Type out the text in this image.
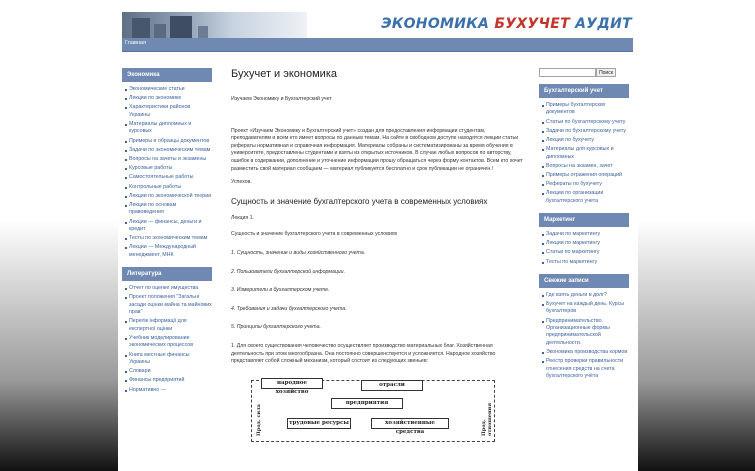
ЭКОНОМИКА БУХУЧЕТ АУДИТ
Главная
Экономика
Экономические статьи
Лекции по экономике
Характеристики районов Украины
Материалы дипломных и курсовых
Примеры и образцы документов
Задачи по экономическим темам
Вопросы на зачеты и экзамены
Курсовые работы
Самостоятельные работы
Контрольные работы
Лекции по экономической теории
Лекции по основам правоведения
Лекции — финансы, деньги и кредит
Тесты по экономическим темам
Лекции — Международный менеджмент, МНК
Литература
Отчет по оценке имущества
Проект положения "Загальні засади оцінки майна та майнових прав"
Перелік інформації для експертної оцінки
Учебник моделирование экономических процессов
Книга местные финансы Украины
Словари
Финансы предприятий
Нормативно —
Бухучет и экономика

Изучаем Экономику и Бухгалтерский учет

Проект «Изучаем Экономику и Бухгалтерский учет» создан для предоставления информации студентам, преподавателям и всем кто имеет вопросы по данным темам. На сайте в свободном доступе находятся лекции статьи рефераты нормативная и справочная информация. Материалы собраны и систематизированы за время обучения в университете, предоставлены студентами и взяты из открытых источников. В случае любых вопросов по авторству, ошибок в содержании, дополнение и уточнение информации прошу обращаться через форму контактов. Всем кто хочет разместить свой материал сообщаем — материал публикуется бесплатно и срок публикации не ограничен.!

Успехов.

Сущность и значение бухгалтерского учета в современных условиях

Лекция 1.

Сущность и значение бухгалтерского учета в современных условиях

1. Сущность, значение и виды хозяйственного учета.

2. Пользователи бухгалтерской информации.

3. Измерители в бухгалтерском учете.

4. Требования и задачи бухгалтерского учета.

5. Принципы бухгалтерского учета.

1. Для своего существования человечество осуществляет производство материальных благ. Хозяйственная деятельность при этом многообразна. Она постоянно совершенствуется и усложняется. Народное хозяйство представляет собой сложный механизм, который состоит из следующих звеньев:

народное хозяйство
отрасли
предприятия
трудовые ресурсы	хозяйственные средства
Прод. сила	Прод. отношения
Поиск
Бухгалтерский учет
Примеры бухгалтерских документов
Статьи по бухгалтерскому учету
Задачи по бухгалтерскому учету
Лекции по бухучету
Материалы для курсовых и дипломных
Вопросы на экзамен, зачет
Примеры отражения операций
Рефераты по бухучету
Лекции по организации бухгалтерского учета
Маркетинг
Задачи по маркетингу
Лекции по маркетингу
Статьи по маркетингу
Тесты по маркетингу
Свежие записи
Где взять деньги в долг?
Бухучет на каждый день. Курсы бухгалтеров
Предпринимательство. Организационные формы предпринимательской деятельности.
Экономика производства кормов
Реестр проверки правильности отнесения средств на счета бухгалтерского учёта
